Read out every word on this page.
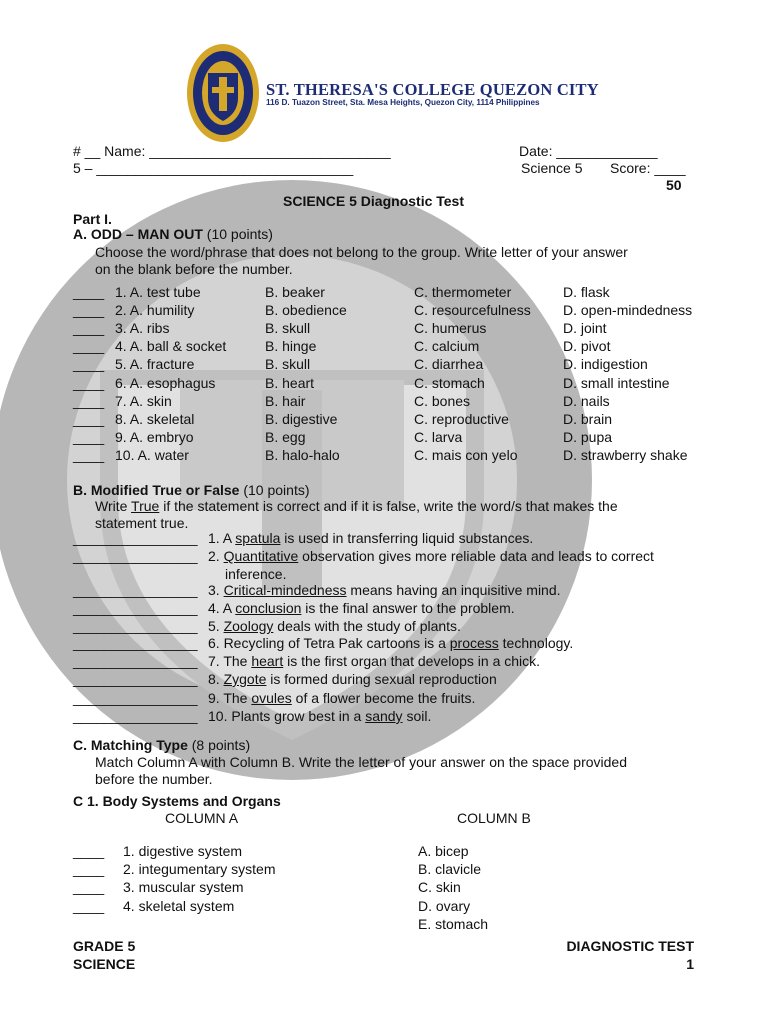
ST. THERESA'S COLLEGE QUEZON CITY
116 D. Tuazon Street, Sta. Mesa Heights, Quezon City, 1114 Philippines
# __ Name: _______________________________	Date: _____________
5 – _________________________________	Science 5 Score: ____
50
SCIENCE 5 Diagnostic Test
Part I.
A. ODD – MAN OUT (10 points)
Choose the word/phrase that does not belong to the group. Write letter of your answer
on the blank before the number.
____ 1. A. test tube	B. beaker	C. thermometer	D. flask
____ 2. A. humility	B. obedience	C. resourcefulness D. open-mindedness
____ 3. A. ribs	B. skull	C. humerus	D. joint
____ 4. A. ball & socket	B. hinge	C. calcium	D. pivot
____ 5. A. fracture	B. skull	C. diarrhea	D. indigestion
____ 6. A. esophagus	B. heart	C. stomach	D. small intestine
____ 7. A. skin	B. hair	C. bones	D. nails
____ 8. A. skeletal	B. digestive	C. reproductive	D. brain
____ 9. A. embryo	B. egg	C. larva	D. pupa
____ 10. A. water	B. halo-halo	C. mais con yelo	D. strawberry shake
B. Modified True or False (10 points)
Write True if the statement is correct and if it is false, write the word/s that makes the
statement true.
________________ 1. A spatula is used in transferring liquid substances.
________________ 2. Quantitative observation gives more reliable data and leads to correct
________________ 3. Critical-mindedness means having an inquisitive mind.
________________ 4. A conclusion is the final answer to the problem.
________________ 5. Zoology deals with the study of plants.
________________ 6. Recycling of Tetra Pak cartoons is a process technology.
________________ 7. The heart is the first organ that develops in a chick.
________________ 8. Zygote is formed during sexual reproduction
________________ 9. The ovules of a flower become the fruits.
________________ 10. Plants grow best in a sandy soil.
inference.
C. Matching Type (8 points)
Match Column A with Column B. Write the letter of your answer on the space provided
before the number.
C 1. Body Systems and Organs
COLUMN A	COLUMN B
____ 1. digestive system
____ 2. integumentary system
____ 3. muscular system
____ 4. skeletal system
A. bicep
B. clavicle
C. skin
D. ovary
E. stomach
GRADE 5
SCIENCE
DIAGNOSTIC TEST
1
